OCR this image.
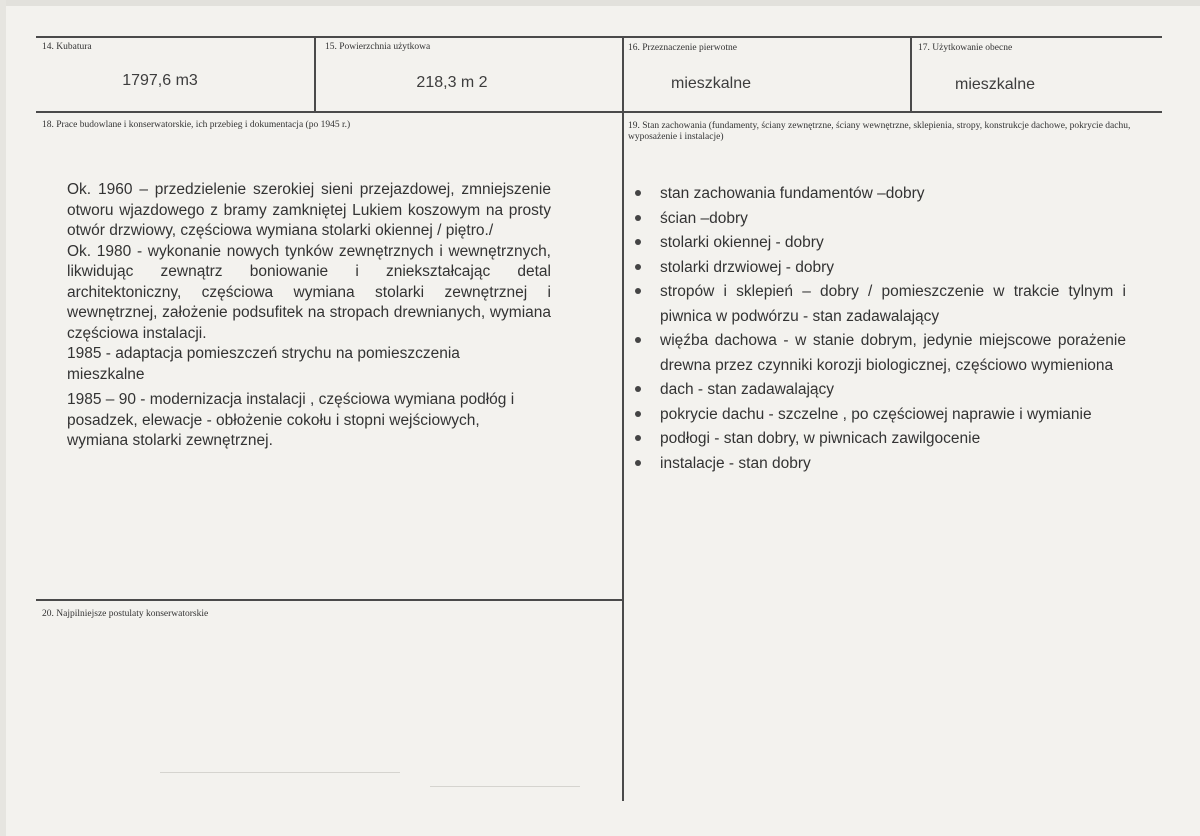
14. Kubatura
1797,6 m3
15. Powierzchnia użytkowa
218,3 m 2
16. Przeznaczenie pierwotne
mieszkalne
17. Użytkowanie obecne
mieszkalne
18. Prace budowlane i konserwatorskie, ich przebieg i dokumentacja (po 1945 r.)
Ok. 1960 – przedzielenie szerokiej sieni przejazdowej, zmniejszenie otworu wjazdowego z bramy zamkniętej Lukiem koszowym na prosty otwór drzwiowy, częściowa wymiana stolarki okiennej / piętro./
Ok. 1980 - wykonanie nowych tynków zewnętrznych i wewnętrznych, likwidując zewnątrz boniowanie i zniekształcając detal architektoniczny, częściowa wymiana stolarki zewnętrznej i wewnętrznej, założenie podsufitek na stropach drewnianych, wymiana częściowa instalacji.
1985 - adaptacja pomieszczeń strychu na pomieszczenia mieszkalne
1985 – 90 - modernizacja instalacji , częściowa wymiana podłóg i posadzek, elewacje - obłożenie cokołu i stopni wejściowych, wymiana stolarki zewnętrznej.
19. Stan zachowania (fundamenty, ściany zewnętrzne, ściany wewnętrzne, sklepienia, stropy, konstrukcje dachowe, pokrycie dachu, wyposażenie i instalacje)
stan zachowania fundamentów –dobry
ścian –dobry
stolarki okiennej - dobry
stolarki drzwiowej - dobry
stropów i sklepień – dobry / pomieszczenie w trakcie tylnym i piwnica w podwórzu - stan zadawalający
więźba dachowa - w stanie dobrym, jedynie miejscowe porażenie drewna przez czynniki korozji biologicznej, częściowo wymieniona
dach - stan zadawalający
pokrycie dachu - szczelne , po częściowej naprawie i wymianie
podłogi - stan dobry, w piwnicach zawilgocenie
instalacje - stan dobry
20. Najpilniejsze postulaty konserwatorskie
